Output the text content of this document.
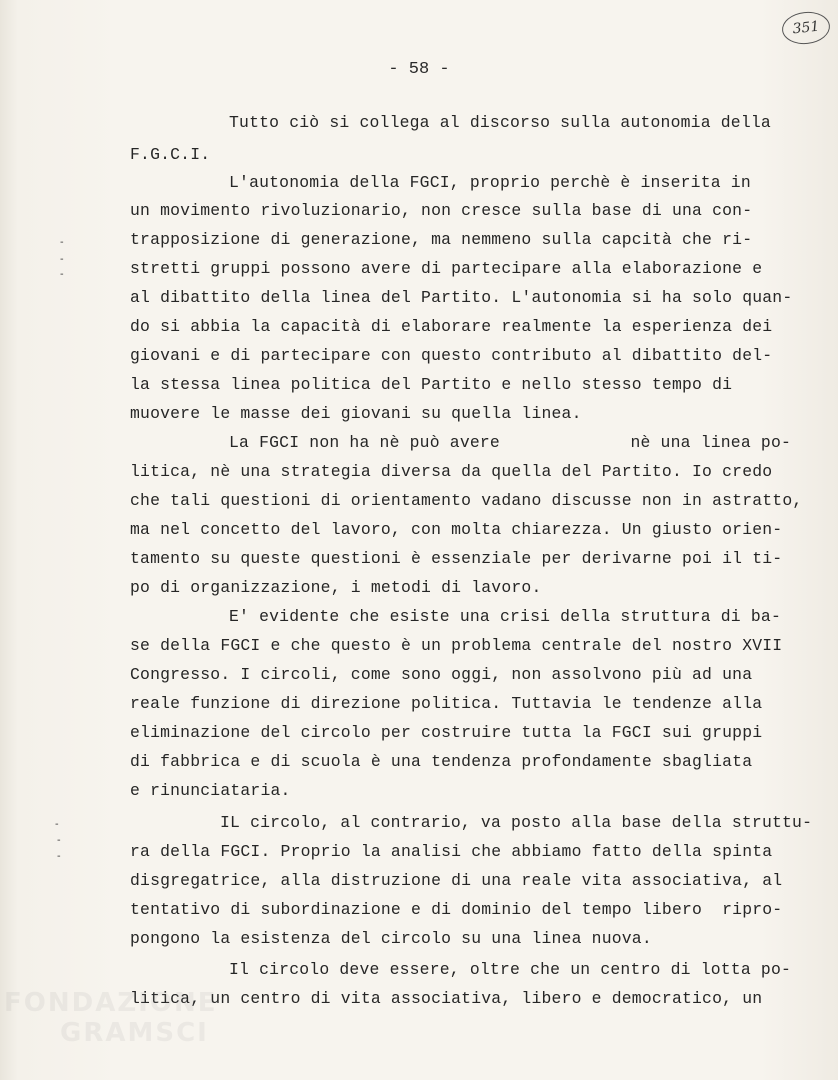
351
- 58 -
-
-
-
-
-
-
Tutto ciò si collega al discorso sulla autonomia della
F.G.C.I.
L'autonomia della FGCI, proprio perchè è inserita in
un movimento rivoluzionario, non cresce sulla base di una con-
trapposizione di generazione, ma nemmeno sulla capcità che ri-
stretti gruppi possono avere di partecipare alla elaborazione e
al dibattito della linea del Partito. L'autonomia si ha solo quan-
do si abbia la capacità di elaborare realmente la esperienza dei
giovani e di partecipare con questo contributo al dibattito del-
la stessa linea politica del Partito e nello stesso tempo di
muovere le masse dei giovani su quella linea.
La FGCI non ha nè può avere             nè una linea po-
litica, nè una strategia diversa da quella del Partito. Io credo
che tali questioni di orientamento vadano discusse non in astratto,
ma nel concetto del lavoro, con molta chiarezza. Un giusto orien-
tamento su queste questioni è essenziale per derivarne poi il ti-
po di organizzazione, i metodi di lavoro.
E' evidente che esiste una crisi della struttura di ba-
se della FGCI e che questo è un problema centrale del nostro XVII
Congresso. I circoli, come sono oggi, non assolvono più ad una
reale funzione di direzione politica. Tuttavia le tendenze alla
eliminazione del circolo per costruire tutta la FGCI sui gruppi
di fabbrica e di scuola è una tendenza profondamente sbagliata
e rinunciataria.
IL circolo, al contrario, va posto alla base della struttu-
ra della FGCI. Proprio la analisi che abbiamo fatto della spinta
disgregatrice, alla distruzione di una reale vita associativa, al
tentativo di subordinazione e di dominio del tempo libero  ripro-
pongono la esistenza del circolo su una linea nuova.
Il circolo deve essere, oltre che un centro di lotta po-
litica, un centro di vita associativa, libero e democratico, un
FONDAZIONE
GRAMSCI
